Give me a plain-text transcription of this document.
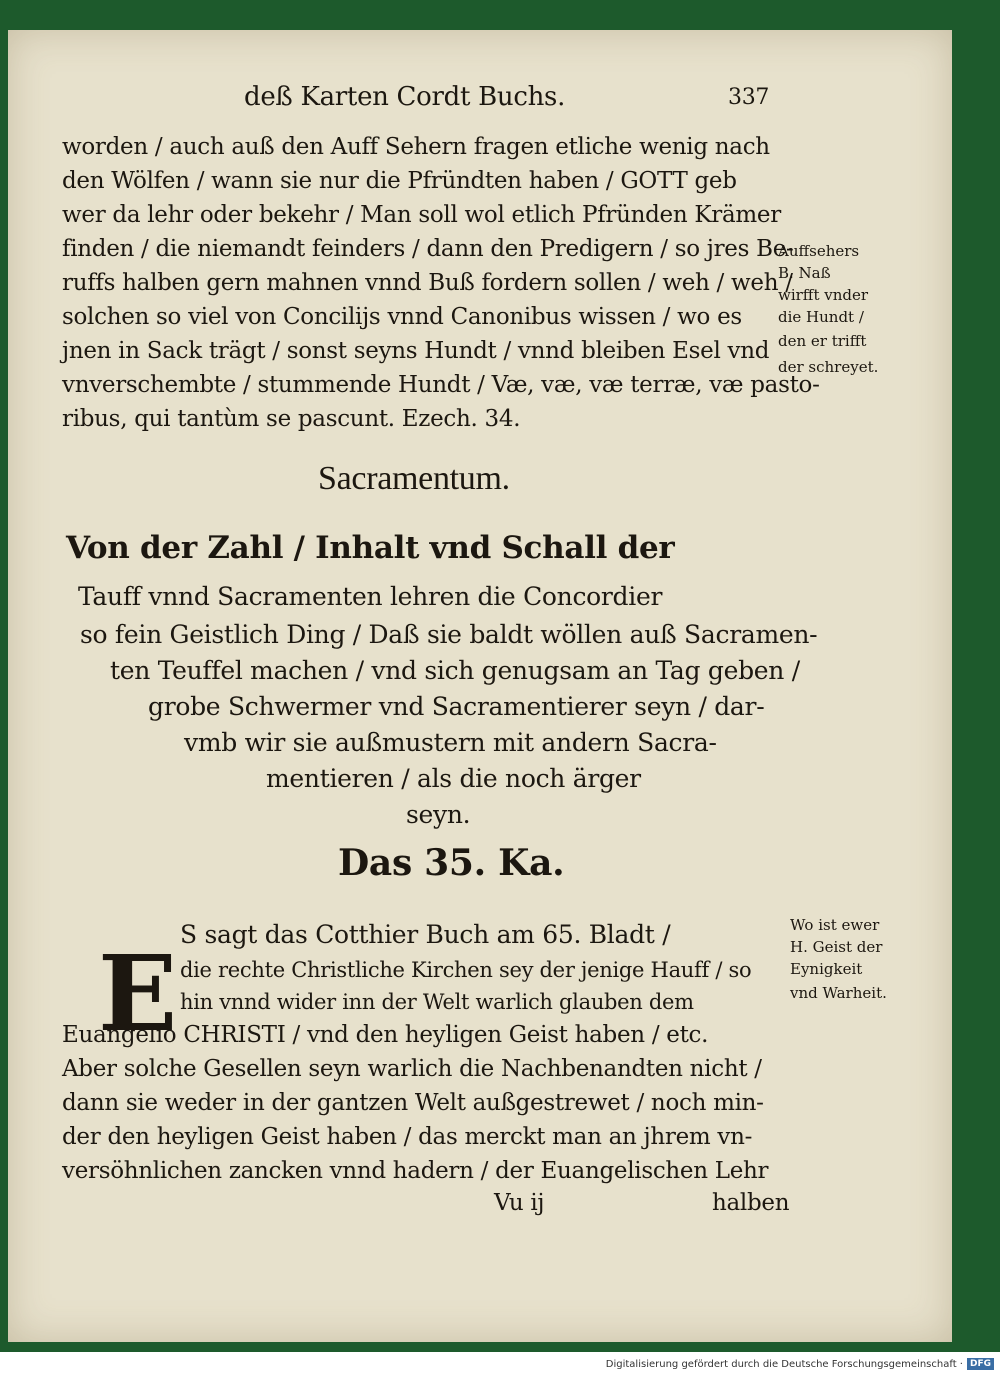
deß Karten Cordt Buchs.	337
worden / auch auß den Auff Sehern fragen etliche wenig nach
den Wölfen / wann sie nur die Pfründten haben / GOTT geb
wer da lehr oder bekehr / Man soll wol etlich Pfründen Krämer
finden / die niemandt feinders / dann den Predigern / so jres Be-
ruffs halben gern mahnen vnnd Buß fordern sollen / weh / weh /
solchen so viel von Concilijs vnnd Canonibus wissen / wo es
jnen in Sack trägt / sonst seyns Hundt / vnnd bleiben Esel vnd
vnverschembte / stummende Hundt / Væ, væ, væ terræ, væ pasto-
ribus, qui tantùm se pascunt. Ezech. 34.
Auffsehers
B. Naß
wirfft vnder
die Hundt /
den er trifft
der schreyet.
Sacramentum.
Von der Zahl / Inhalt vnd Schall der
Tauff vnnd Sacramenten lehren die Concordier
so fein Geistlich Ding / Daß sie baldt wöllen auß Sacramen-
ten Teuffel machen / vnd sich genugsam an Tag geben /
grobe Schwermer vnd Sacramentierer seyn / dar-
vmb wir sie außmustern mit andern Sacra-
mentieren / als die noch ärger
seyn.
Das 35. Ka.
E S sagt das Cotthier Buch am 65. Bladt /
die rechte Christliche Kirchen sey der jenige Hauff / so
hin vnnd wider inn der Welt warlich glauben dem
Euangelio CHRISTI / vnd den heyligen Geist haben / etc.
Aber solche Gesellen seyn warlich die Nachbenandten nicht /
dann sie weder in der gantzen Welt außgestrewet / noch min-
der den heyligen Geist haben / das merckt man an jhrem vn-
versöhnlichen zancken vnnd hadern / der Euangelischen Lehr
Wo ist ewer
H. Geist der
Eynigkeit
vnd Warheit.
Vu ij	halben
Digitalisierung gefördert durch die Deutsche Forschungsgemeinschaft · DFG
